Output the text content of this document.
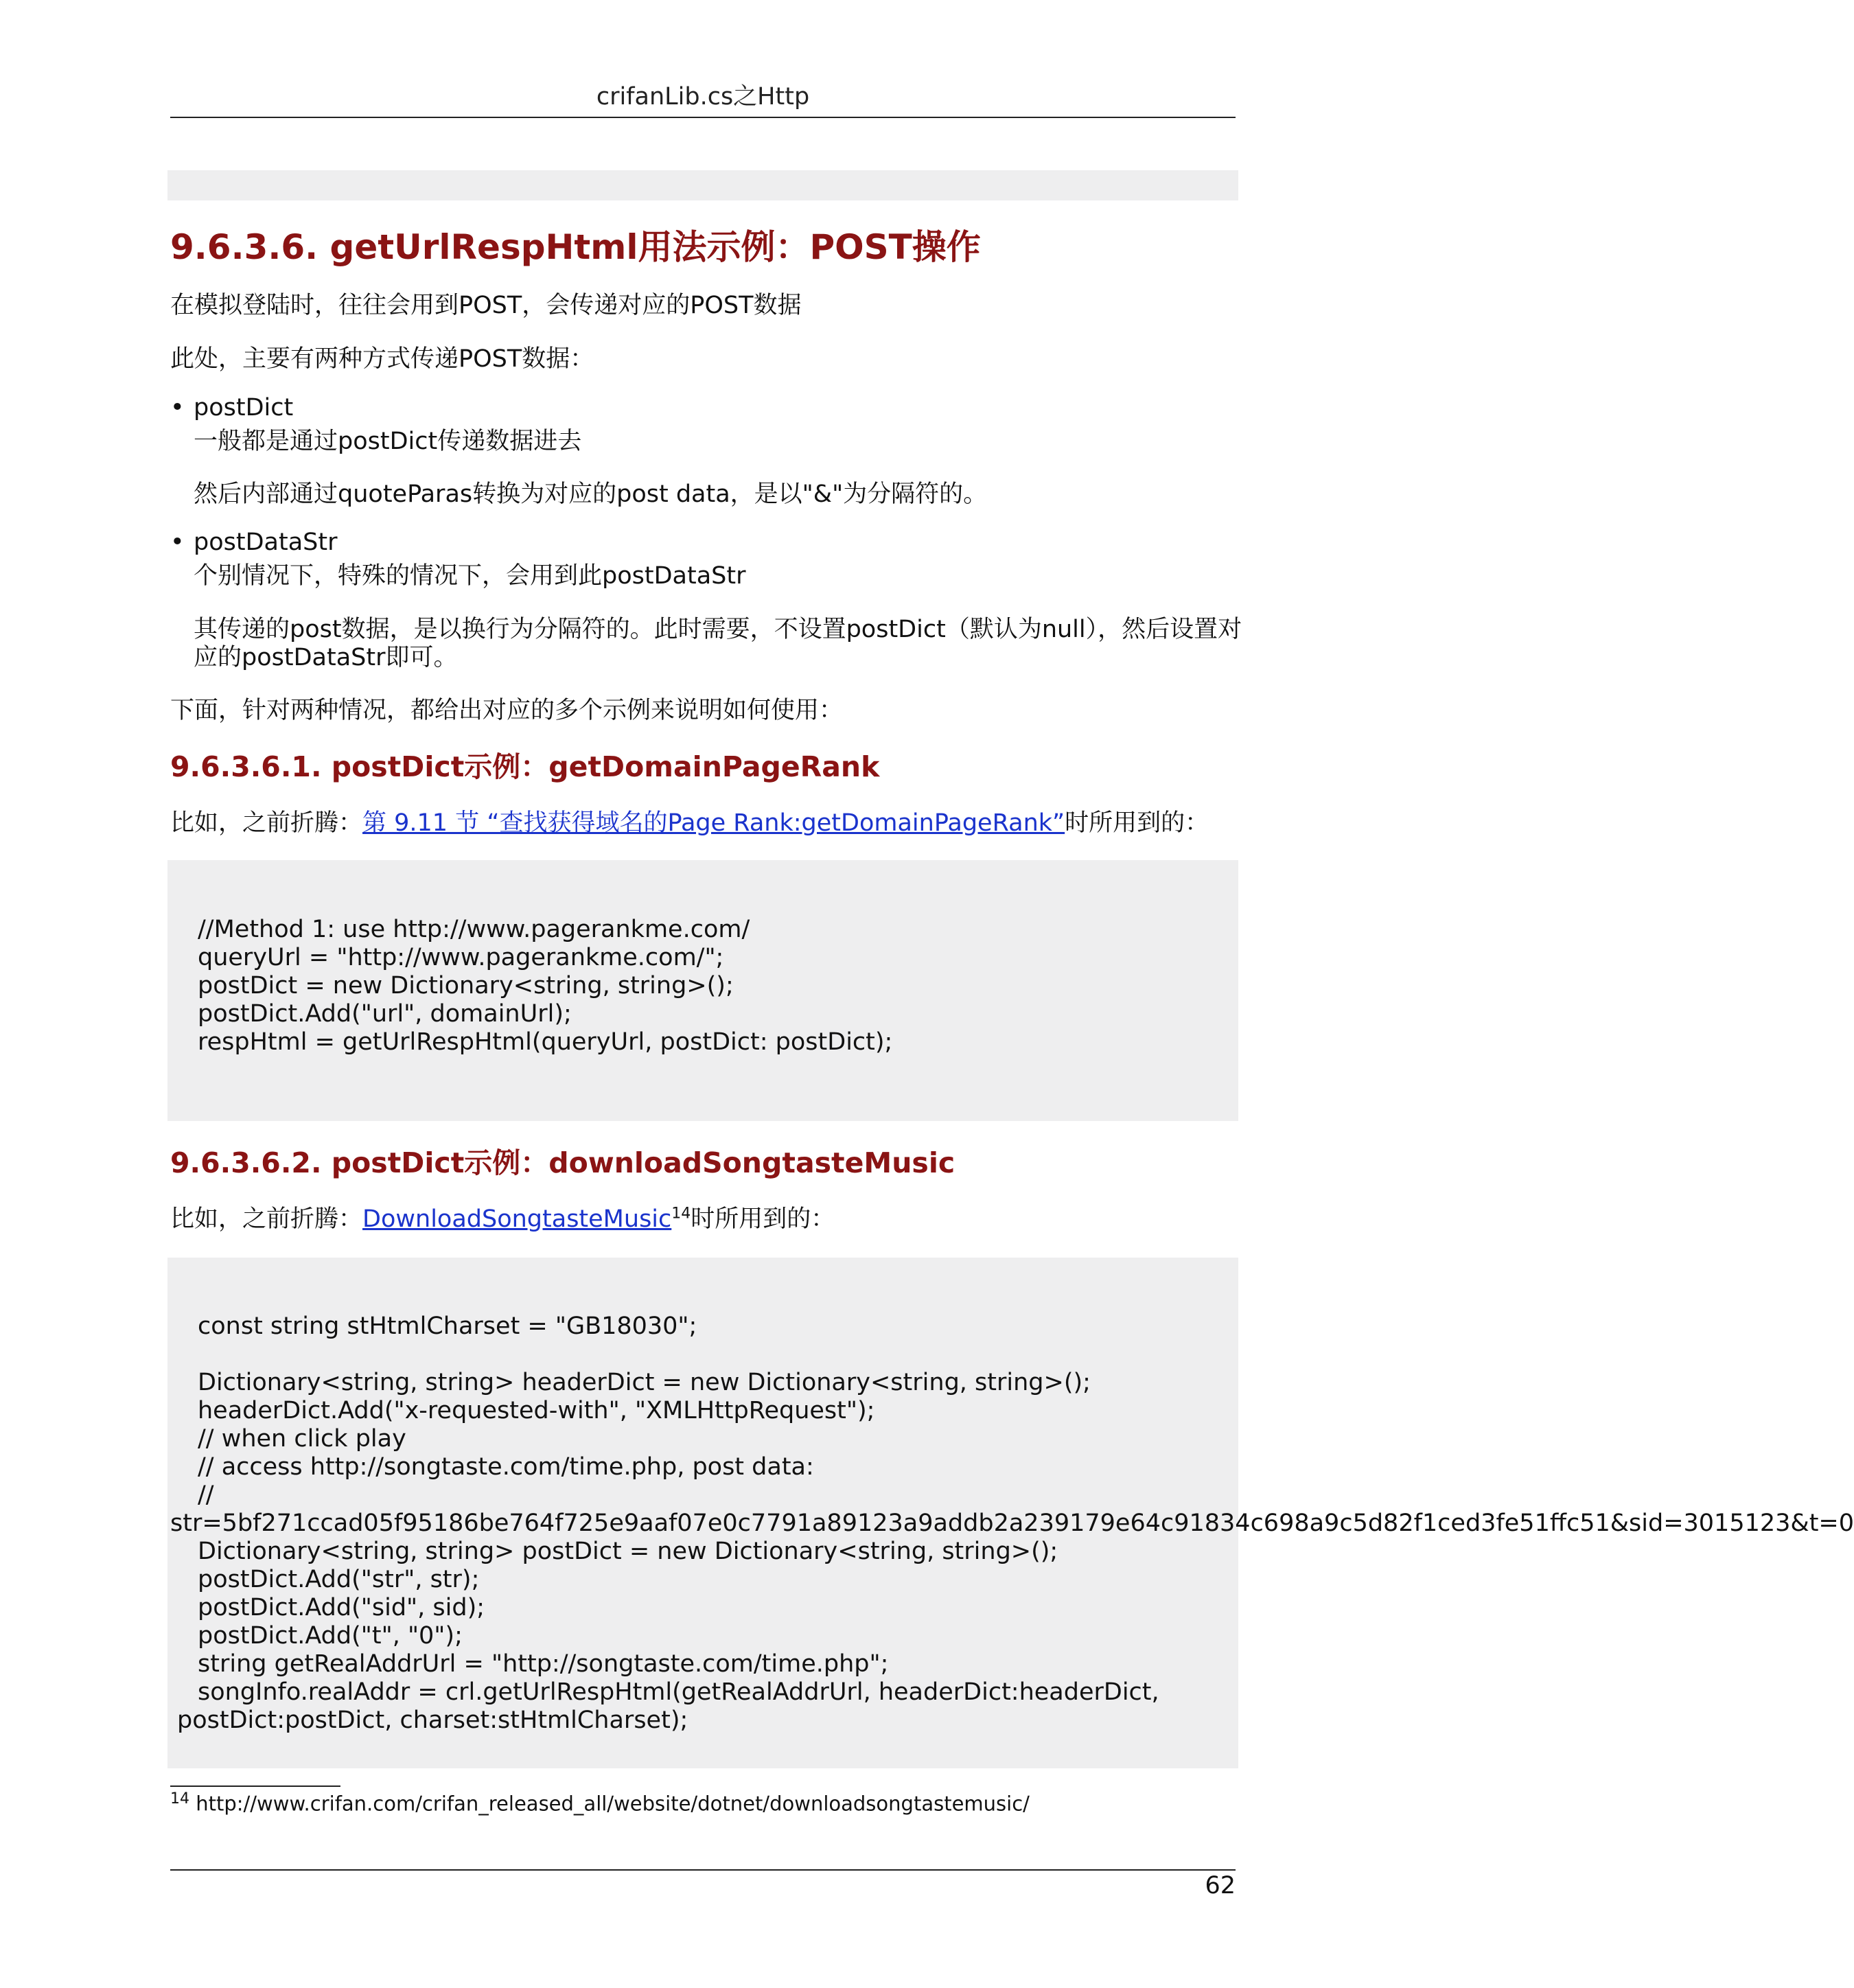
crifanLib.cs之Http
9.6.3.6. getUrlRespHtml用法示例：POST操作
在模拟登陆时，往往会用到POST，会传递对应的POST数据
此处，主要有两种方式传递POST数据：
• postDict
一般都是通过postDict传递数据进去
然后内部通过quoteParas转换为对应的post data，是以"&"为分隔符的。
• postDataStr
个别情况下，特殊的情况下，会用到此postDataStr
其传递的post数据，是以换行为分隔符的。此时需要，不设置postDict（默认为null），然后设置对
应的postDataStr即可。
下面，针对两种情况，都给出对应的多个示例来说明如何使用：
9.6.3.6.1. postDict示例：getDomainPageRank
比如，之前折腾：第 9.11 节 “查找获得域名的Page Rank:getDomainPageRank”时所用到的：
//Method 1: use http://www.pagerankme.com/
queryUrl = "http://www.pagerankme.com/";
postDict = new Dictionary<string, string>();
postDict.Add("url", domainUrl);
respHtml = getUrlRespHtml(queryUrl, postDict: postDict);
9.6.3.6.2. postDict示例：downloadSongtasteMusic
比如，之前折腾：DownloadSongtasteMusic$^{14}$时所用到的：
const string stHtmlCharset = "GB18030";
Dictionary<string, string> headerDict = new Dictionary<string, string>();
headerDict.Add("x-requested-with", "XMLHttpRequest");
// when click play
// access http://songtaste.com/time.php, post data:
//
str=5bf271ccad05f95186be764f725e9aaf07e0c7791a89123a9addb2a239179e64c91834c698a9c5d82f1ced3fe51ffc51&sid=3015123&t=0
Dictionary<string, string> postDict = new Dictionary<string, string>();
postDict.Add("str", str);
postDict.Add("sid", sid);
postDict.Add("t", "0");
string getRealAddrUrl = "http://songtaste.com/time.php";
songInfo.realAddr = crl.getUrlRespHtml(getRealAddrUrl, headerDict:headerDict,
postDict:postDict, charset:stHtmlCharset);
$^{14}$ http://www.crifan.com/crifan_released_all/website/dotnet/downloadsongtastemusic/
62
